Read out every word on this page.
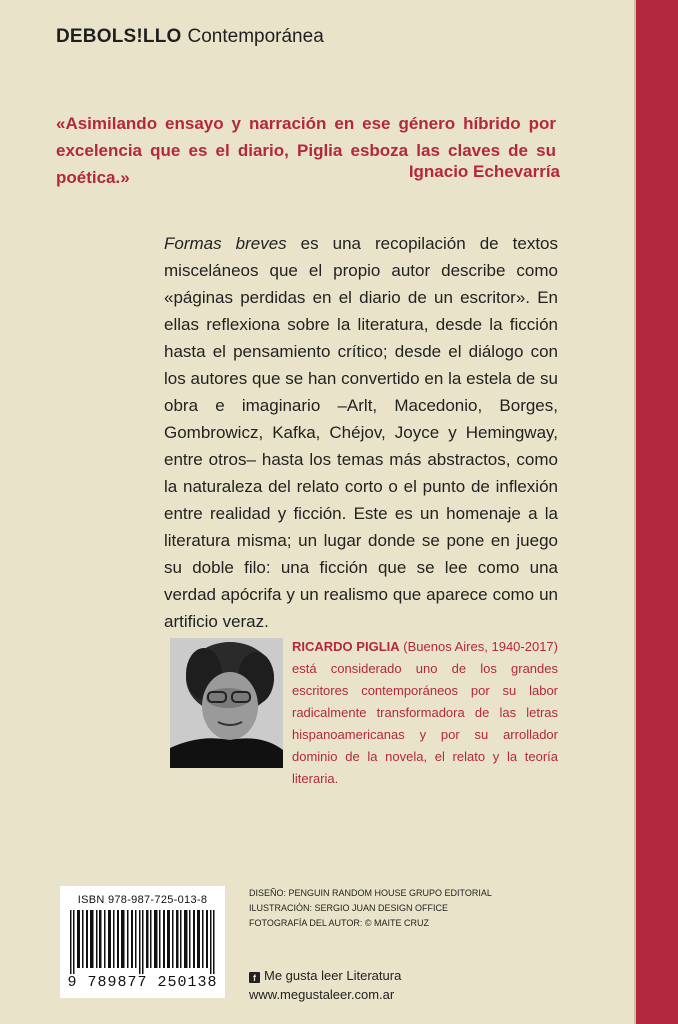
DEBOLS!LLO Contemporánea
«Asimilando ensayo y narración en ese género híbrido por excelencia que es el diario, Piglia esboza las claves de su poética.»	Ignacio Echevarría

Formas breves es una recopilación de textos misceláneos que el propio autor describe como «páginas perdidas en el diario de un escritor». En ellas reflexiona sobre la literatura, desde la ficción hasta el pensamiento crítico; desde el diálogo con los autores que se han convertido en la estela de su obra e imaginario –Arlt, Macedonio, Borges, Gombrowicz, Kafka, Chéjov, Joyce y Hemingway, entre otros– hasta los temas más abstractos, como la naturaleza del relato corto o el punto de inflexión entre realidad y ficción. Este es un homenaje a la literatura misma; un lugar donde se pone en juego su doble filo: una ficción que se lee como una verdad apócrifa y un realismo que aparece como un artificio veraz.

RICARDO PIGLIA (Buenos Aires, 1940-2017) está considerado uno de los grandes escritores contemporáneos por su labor radicalmente transformadora de las letras hispanoamericanas y por su arrollador dominio de la novela, el relato y la teoría literaria.
ISBN 978-987-725-013-8
9 789877 250138
DISEÑO: PENGUIN RANDOM HOUSE GRUPO EDITORIAL
ILUSTRACIÓN: SERGIO JUAN DESIGN OFFICE
FOTOGRAFÍA DEL AUTOR: © MAITE CRUZ
f Me gusta leer Literatura
www.megustaleer.com.ar
